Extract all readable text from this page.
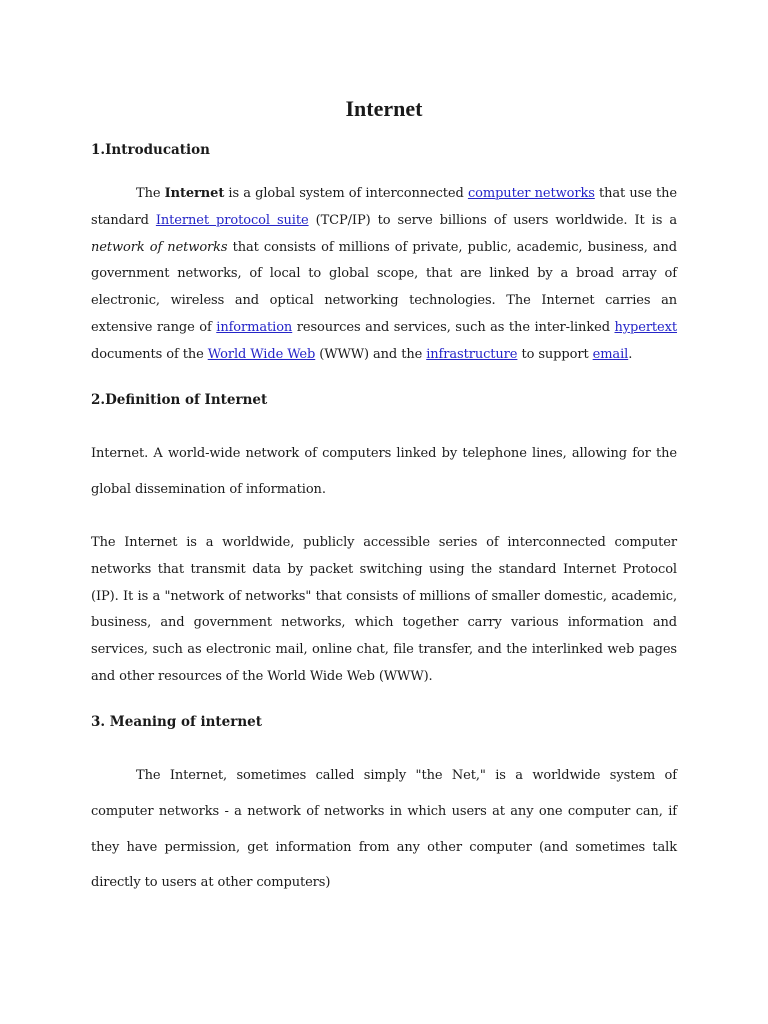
Internet
1.Introducation

The Internet is a global system of interconnected computer networks that use the standard Internet protocol suite (TCP/IP) to serve billions of users worldwide. It is a network of networks that consists of millions of private, public, academic, business, and government networks, of local to global scope, that are linked by a broad array of electronic, wireless and optical networking technologies. The Internet carries an extensive range of information resources and services, such as the inter-linked hypertext documents of the World Wide Web (WWW) and the infrastructure to support email.

2.Definition of Internet

Internet. A world-wide network of computers linked by telephone lines, allowing for the global dissemination of information.

The Internet is a worldwide, publicly accessible series of interconnected computer networks that transmit data by packet switching using the standard Internet Protocol (IP). It is a "network of networks" that consists of millions of smaller domestic, academic, business, and government networks, which together carry various information and services, such as electronic mail, online chat, file transfer, and the interlinked web pages and other resources of the World Wide Web (WWW).

3. Meaning of internet

The Internet, sometimes called simply "the Net," is a worldwide system of computer networks - a network of networks in which users at any one computer can, if they have permission, get information from any other computer (and sometimes talk directly to users at other computers)
